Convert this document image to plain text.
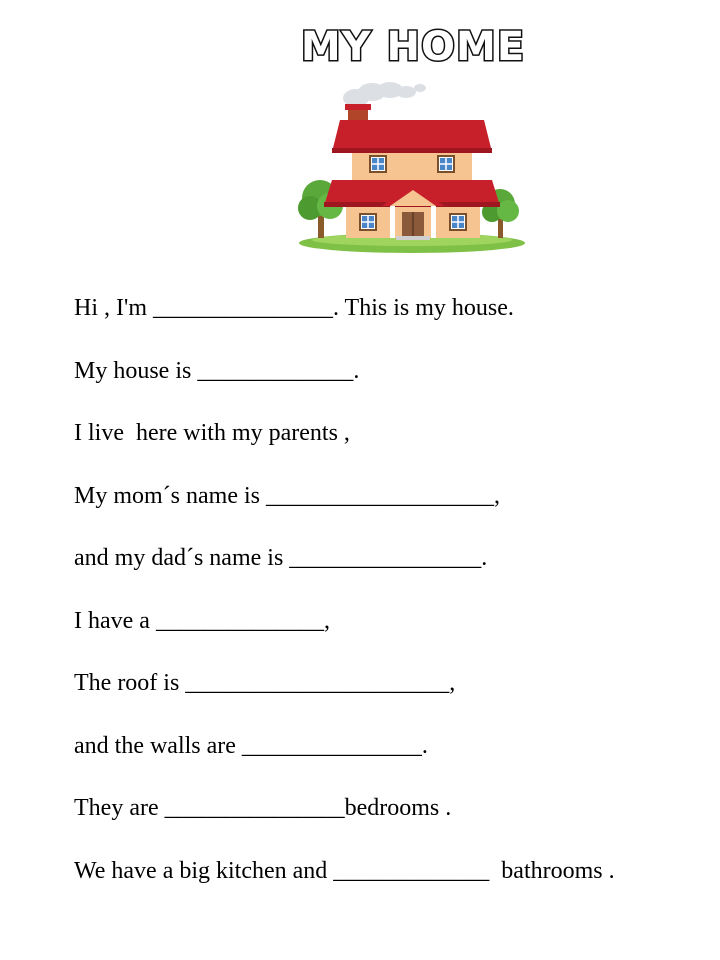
MY HOME
Hi , I'm _______________. This is my house.
My house is _____________.
I live  here with my parents ,
My mom´s name is ___________________,
and my dad´s name is ________________.
I have a ______________,
The roof is ______________________,
and the walls are _______________.
They are _______________bedrooms .
We have a big kitchen and _____________  bathrooms .
